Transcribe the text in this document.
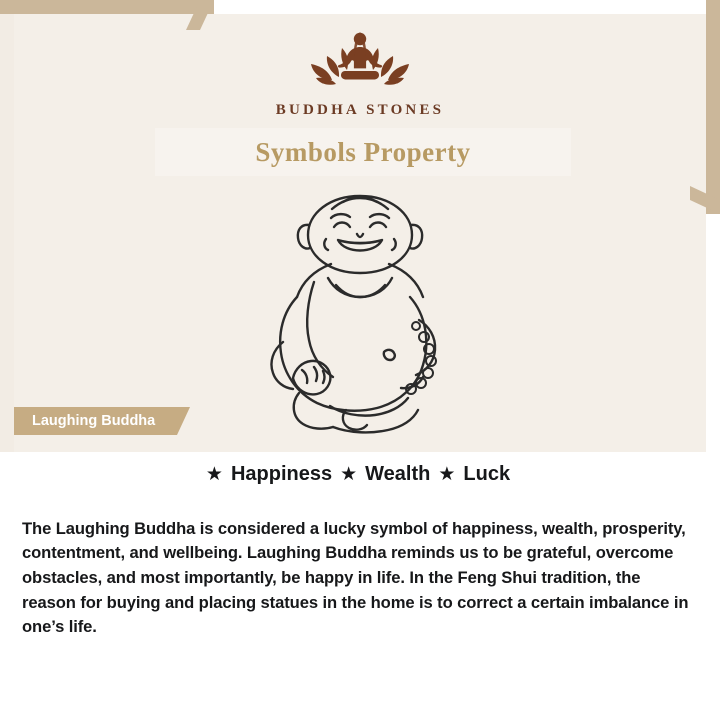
BUDDHA STONES
Symbols Property
Laughing Buddha
★ Happiness ★ Wealth ★ Luck

The Laughing Buddha is considered a lucky symbol of happiness, wealth, prosperity, contentment, and wellbeing. Laughing Buddha reminds us to be grateful, overcome obstacles, and most importantly, be happy in life. In the Feng Shui tradition, the reason for buying and placing statues in the home is to correct a certain imbalance in one’s life.
